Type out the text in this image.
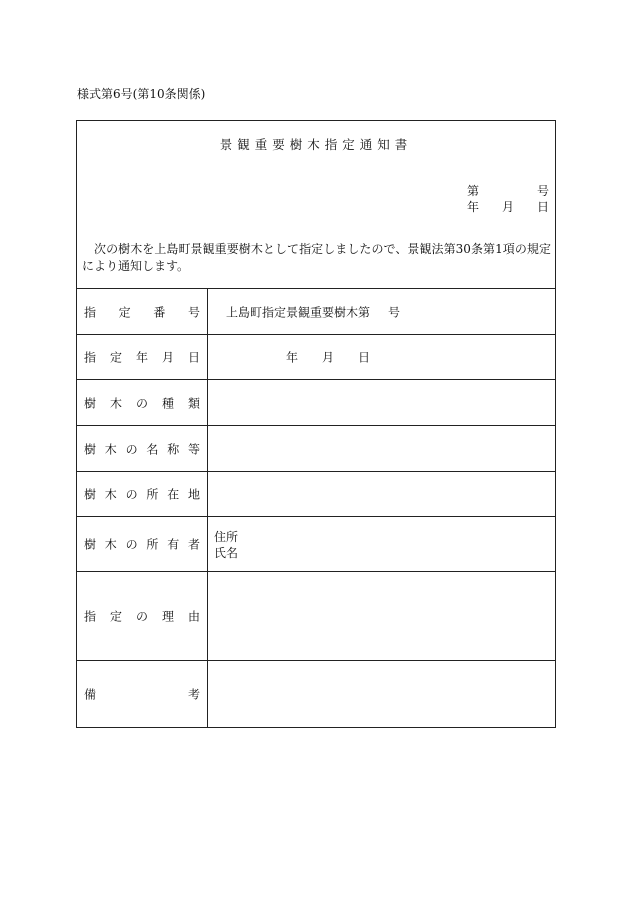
様式第6号(第10条関係)
景観重要樹木指定通知書
第	号
年 月 日
次の樹木を上島町景観重要樹木として指定しましたので、景観法第30条第1項の規定により通知します。
指 定 番 号 上島町指定景観重要樹木第 号
指 定 年 月 日	年 月 日
樹 木 の 種 類
樹 木 の 名 称 等
樹 木 の 所 在 地
樹 木 の 所 有 者
住所
氏名
指 定 の 理 由
備	考
